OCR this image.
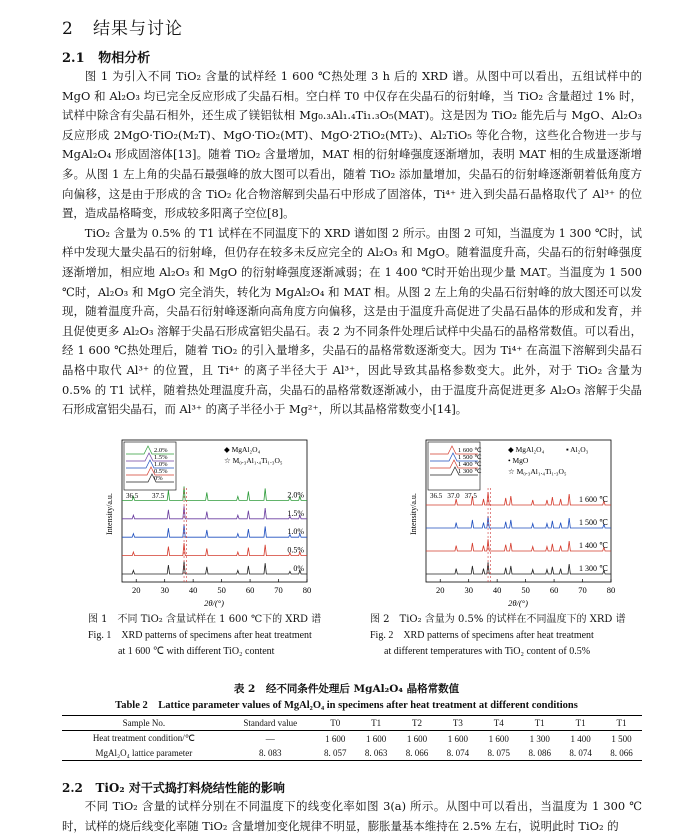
2 结果与讨论
2.1 物相分析

图 1 为引入不同 TiO₂ 含量的试样经 1 600 ℃热处理 3 h 后的 XRD 谱。从图中可以看出，五组试样中的 MgO 和 Al₂O₃ 均已完全反应形成了尖晶石相。空白样 T0 中仅存在尖晶石的衍射峰，当 TiO₂ 含量超过 1% 时，试样中除含有尖晶石相外，还生成了镁铝钛相 Mg₀.₃Al₁.₄Ti₁.₃O₅(MAT)。这是因为 TiO₂ 能先后与 MgO、Al₂O₃ 反应形成 2MgO·TiO₂(M₂T)、MgO·TiO₂(MT)、MgO·2TiO₂(MT₂)、Al₂TiO₅ 等化合物，这些化合物进一步与 MgAl₂O₄ 形成固溶体[13]。随着 TiO₂ 含量增加，MAT 相的衍射峰强度逐渐增加，表明 MAT 相的生成量逐渐增多。从图 1 左上角的尖晶石最强峰的放大图可以看出，随着 TiO₂ 添加量增加，尖晶石的衍射峰逐渐朝着低角度方向偏移，这是由于形成的含 TiO₂ 化合物溶解到尖晶石中形成了固溶体，Ti⁴⁺ 进入到尖晶石晶格取代了 Al³⁺ 的位置，造成晶格畸变，形成较多阳离子空位[8]。

TiO₂ 含量为 0.5% 的 T1 试样在不同温度下的 XRD 谱如图 2 所示。由图 2 可知，当温度为 1 300 ℃时，试样中发现大量尖晶石的衍射峰，但仍存在较多未反应完全的 Al₂O₃ 和 MgO。随着温度升高，尖晶石的衍射峰强度逐渐增加，相应地 Al₂O₃ 和 MgO 的衍射峰强度逐渐减弱；在 1 400 ℃时开始出现少量 MAT。当温度为 1 500 ℃时，Al₂O₃ 和 MgO 完全消失，转化为 MgAl₂O₄ 和 MAT 相。从图 2 左上角的尖晶石衍射峰的放大图还可以发现，随着温度升高，尖晶石衍射峰逐渐向高角度方向偏移，这是由于温度升高促进了尖晶石晶体的形成和发育，并且促使更多 Al₂O₃ 溶解于尖晶石形成富铝尖晶石。表 2 为不同条件处理后试样中尖晶石的晶格常数值。可以看出，经 1 600 ℃热处理后，随着 TiO₂ 的引入量增多，尖晶石的晶格常数逐渐变大。因为 Ti⁴⁺ 在高温下溶解到尖晶石晶格中取代 Al³⁺ 的位置，且 Ti⁴⁺ 的离子半径大于 Al³⁺，因此导致其晶格参数变大。此外，对于 TiO₂ 含量为 0.5% 的 T1 试样，随着热处理温度升高，尖晶石的晶格常数逐渐减小，由于温度升高促进更多 Al₂O₃ 溶解于尖晶石形成富铝尖晶石，而 Al³⁺ 的离子半径小于 Mg²⁺，所以其晶格常数变小[14]。

2.0%
1.5%
1.0%
0.5%
0%
20 30 40 50 60 70 80
2.0%
1.5%
1.0%
0.5%
0%
36.5 37.5
Intensity/a.u.
2θ/(°)
◆ MgAl₂O₄
☆ M₀.₃Al₁.₄Ti₁.₃O₅
1 600 ℃
1 500 ℃
1 400 ℃
1 300 ℃
20 30 40 50 60 70 80
1 600 ℃
1 500 ℃
1 400 ℃
1 300 ℃
36.5 37.0 37.5
Intensity/a.u.
2θ/(°)
◆ MgAl₂O₄	▪ Al₂O₃
• MgO
☆ M₀.₃Al₁.₄Ti₁.₃O₅
图 1　不同 TiO₂ 含量试样在 1 600 ℃下的 XRD 谱
Fig. 1　XRD patterns of specimens after heat treatment
at 1 600 ℃ with different TiO₂ content
图 2　TiO₂ 含量为 0.5% 的试样在不同温度下的 XRD 谱
Fig. 2　XRD patterns of specimens after heat treatment
at different temperatures with TiO₂ content of 0.5%
表 2　经不同条件处理后 MgAl₂O₄ 晶格常数值
Table 2　Lattice parameter values of MgAl₂O₄ in specimens after heat treatment at different conditions
Sample No.	Standard value	T0	T1	T2	T3	T4	T1	T1	T1
Heat treatment condition/℃	—	1 600	1 600	1 600	1 600	1 600	1 300	1 400	1 500
MgAl₂O₄ lattice parameter	8. 083	8. 057	8. 063	8. 066	8. 074	8. 075	8. 086	8. 074	8. 066
2.2 TiO₂ 对干式捣打料烧结性能的影响

不同 TiO₂ 含量的试样分别在不同温度下的线变化率如图 3(a) 所示。从图中可以看出，当温度为 1 300 ℃时，试样的烧后线变化率随 TiO₂ 含量增加变化规律不明显，膨胀量基本维持在 2.5% 左右，说明此时 TiO₂ 的
